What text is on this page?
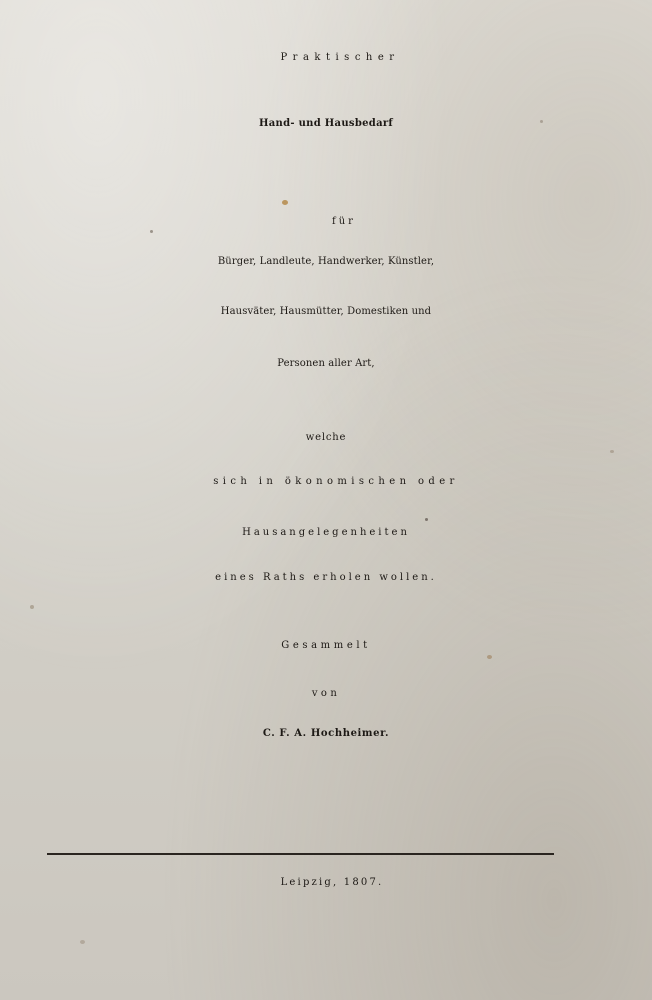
Praktischer
Hand- und Hausbedarf
für
Bürger, Landleute, Handwerker, Künstler,
Hausväter, Hausmütter, Domestiken und
Personen aller Art,
welche
sich in ökonomischen oder
Hausangelegenheiten
eines Raths erholen wollen.
Gesammelt
von
C. F. A. Hochheimer.
Leipzig, 1807.
